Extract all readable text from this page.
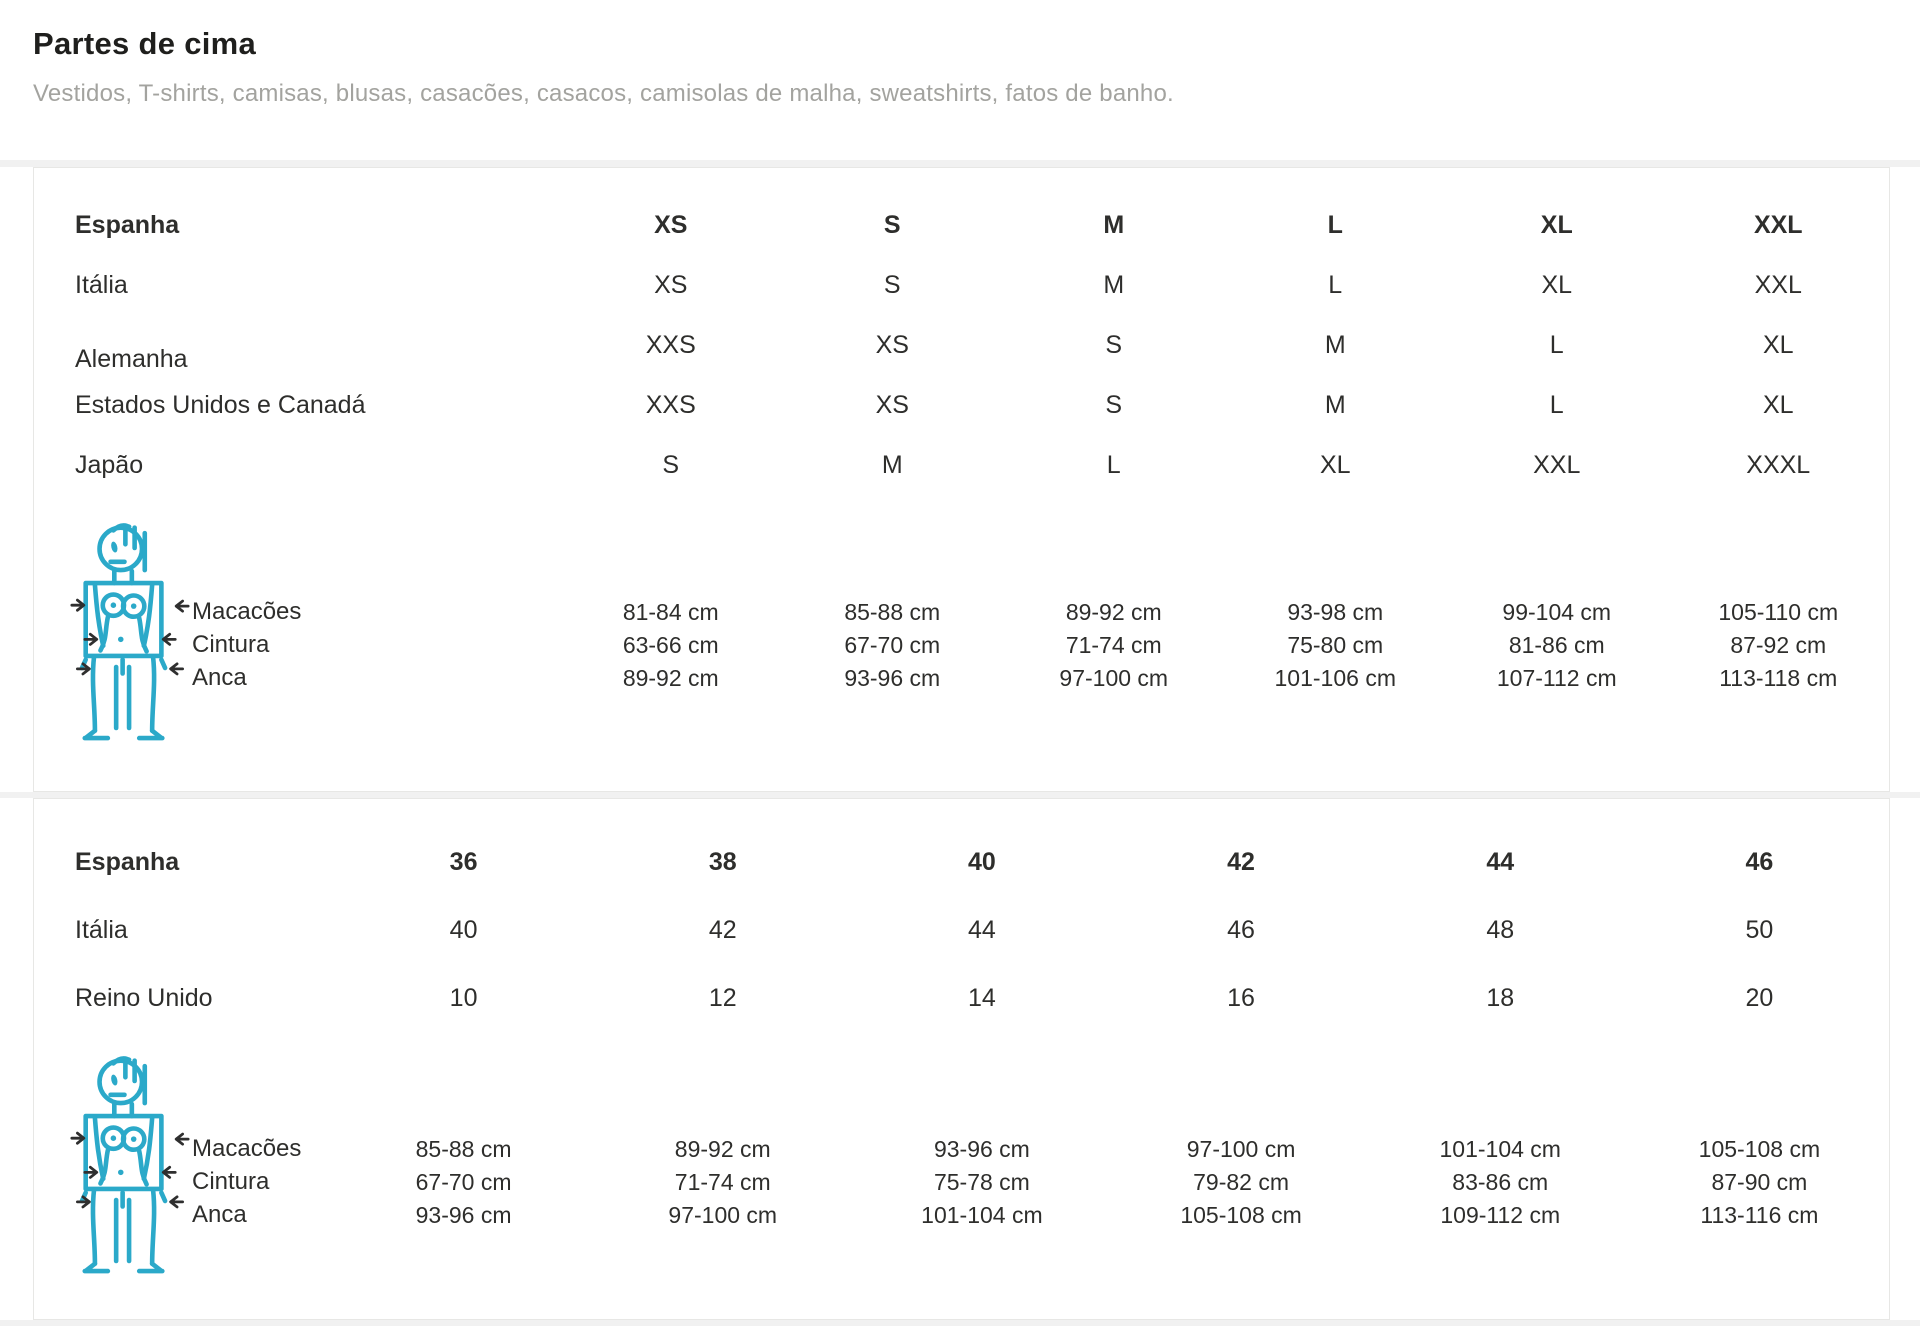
Partes de cima

Vestidos, T-shirts, camisas, blusas, casacões, casacos, camisolas de malha, sweatshirts, fatos de banho.

Espanha	XS	S	M	L	XL	XXL
Itália	XS	S	M	L	XL	XXL
Alemanha	XXS	XS	S	M	L	XL
Estados Unidos e Canadá	XXS	XS	S	M	L	XL
Japão	S	M	L	XL	XXL	XXXL
Macacões	81-84 cm	85-88 cm	89-92 cm	93-98 cm	99-104 cm	105-110 cm
Cintura	63-66 cm	67-70 cm	71-74 cm	75-80 cm	81-86 cm	87-92 cm
Anca	89-92 cm	93-96 cm	97-100 cm	101-106 cm	107-112 cm	113-118 cm
Espanha	36	38	40	42	44	46
Itália	40	42	44	46	48	50
Reino Unido	10	12	14	16	18	20
Macacões	85-88 cm	89-92 cm	93-96 cm	97-100 cm	101-104 cm	105-108 cm
Cintura	67-70 cm	71-74 cm	75-78 cm	79-82 cm	83-86 cm	87-90 cm
Anca	93-96 cm	97-100 cm	101-104 cm	105-108 cm	109-112 cm	113-116 cm
